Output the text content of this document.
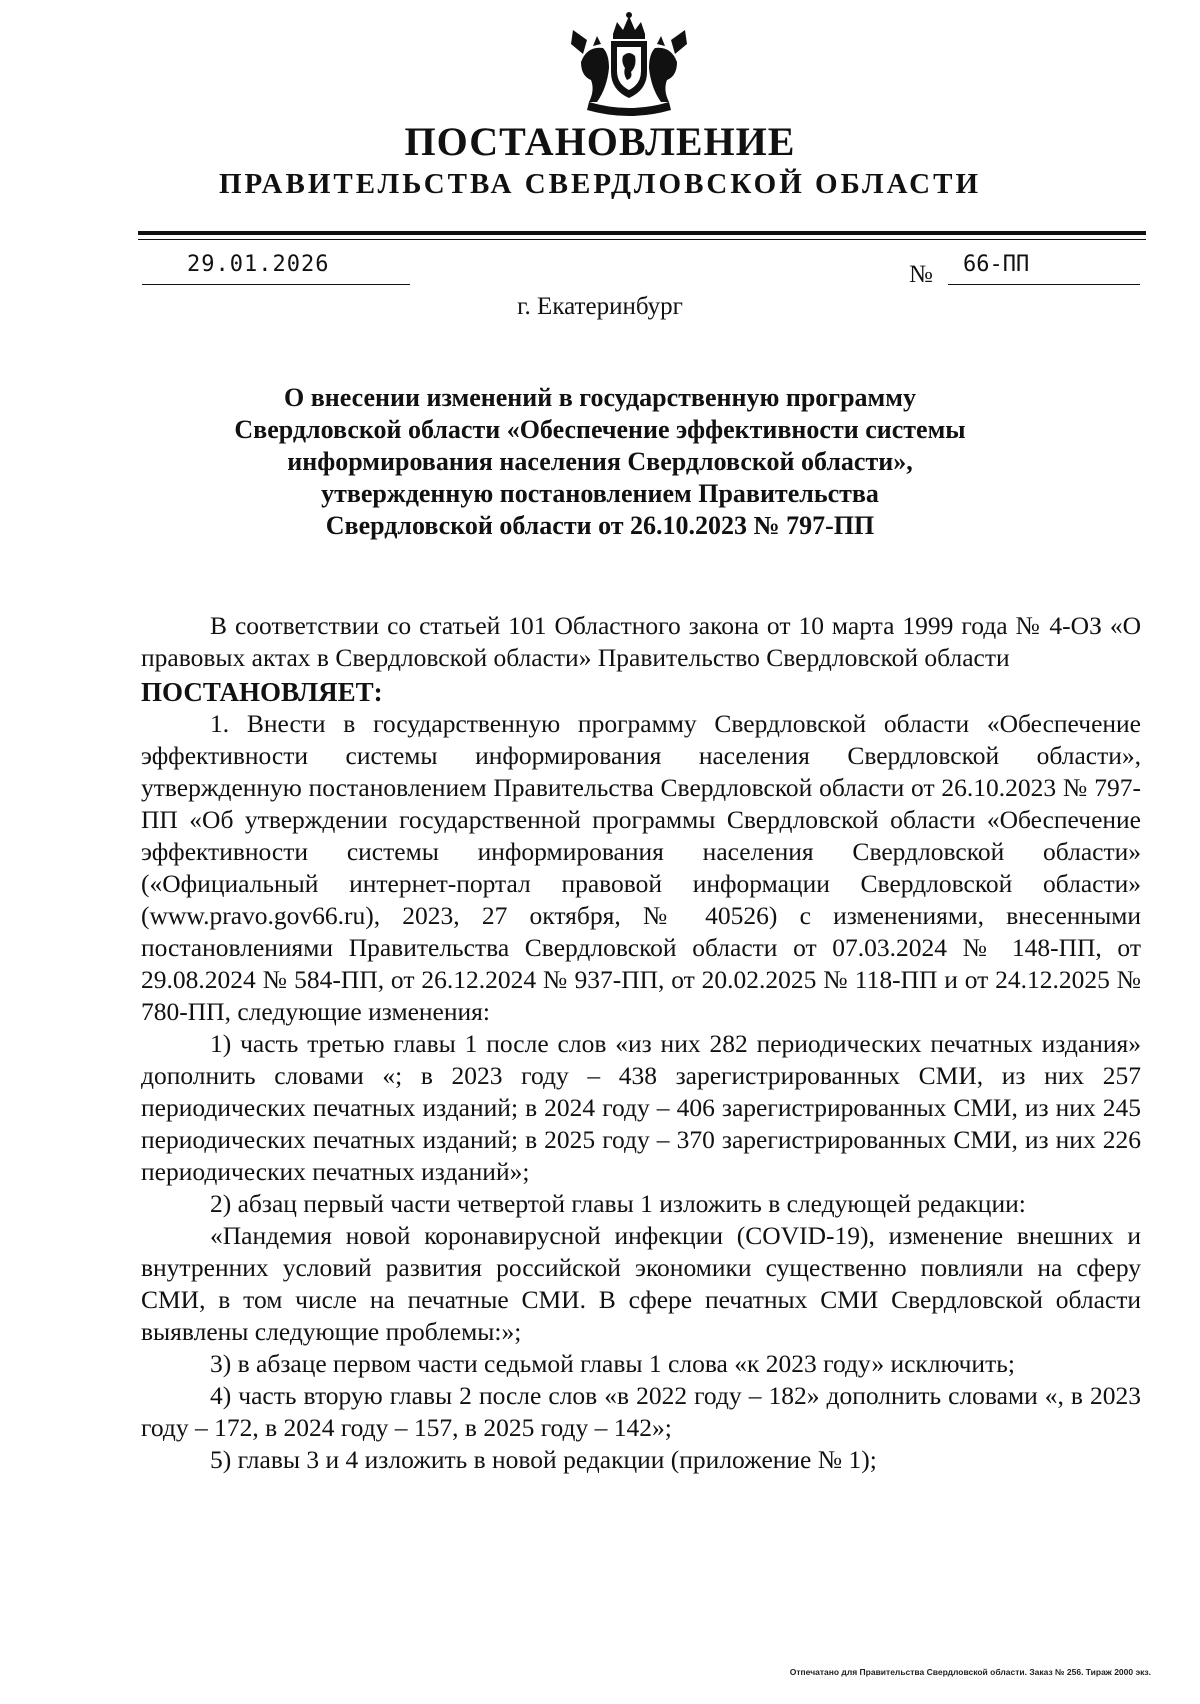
ПОСТАНОВЛЕНИЕ
ПРАВИТЕЛЬСТВА СВЕРДЛОВСКОЙ ОБЛАСТИ
29.01.2026	№ 66-ПП
г. Екатеринбург
О внесении изменений в государственную программу
Свердловской области «Обеспечение эффективности системы
информирования населения Свердловской области»,
утвержденную постановлением Правительства
Свердловской области от 26.10.2023 № 797-ПП

В соответствии со статьей 101 Областного закона от 10 марта 1999 года № 4-ОЗ «О правовых актах в Свердловской области» Правительство Свердловской области

ПОСТАНОВЛЯЕТ:

1. Внести в государственную программу Свердловской области «Обеспечение эффективности системы информирования населения Свердловской области», утвержденную постановлением Правительства Свердловской области от 26.10.2023 № 797-ПП «Об утверждении государственной программы Свердловской области «Обеспечение эффективности системы информирования населения Свердловской области» («Официальный интернет-портал правовой информации Свердловской области» (www.pravo.gov66.ru), 2023, 27 октября, № 40526) с изменениями, внесенными постановлениями Правительства Свердловской области от 07.03.2024 № 148-ПП, от 29.08.2024 № 584-ПП, от 26.12.2024 № 937-ПП, от 20.02.2025 № 118-ПП и от 24.12.2025 № 780-ПП, следующие изменения:

1) часть третью главы 1 после слов «из них 282 периодических печатных издания» дополнить словами «; в 2023 году – 438 зарегистрированных СМИ, из них 257 периодических печатных изданий; в 2024 году – 406 зарегистрированных СМИ, из них 245 периодических печатных изданий; в 2025 году – 370 зарегистрированных СМИ, из них 226 периодических печатных изданий»;

2) абзац первый части четвертой главы 1 изложить в следующей редакции:

«Пандемия новой коронавирусной инфекции (COVID-19), изменение внешних и внутренних условий развития российской экономики существенно повлияли на сферу СМИ, в том числе на печатные СМИ. В сфере печатных СМИ Свердловской области выявлены следующие проблемы:»;

3) в абзаце первом части седьмой главы 1 слова «к 2023 году» исключить;

4) часть вторую главы 2 после слов «в 2022 году – 182» дополнить словами «, в 2023 году – 172, в 2024 году – 157, в 2025 году – 142»;

5) главы 3 и 4 изложить в новой редакции (приложение № 1);

Отпечатано для Правительства Свердловской области. Заказ № 256. Тираж 2000 экз.
